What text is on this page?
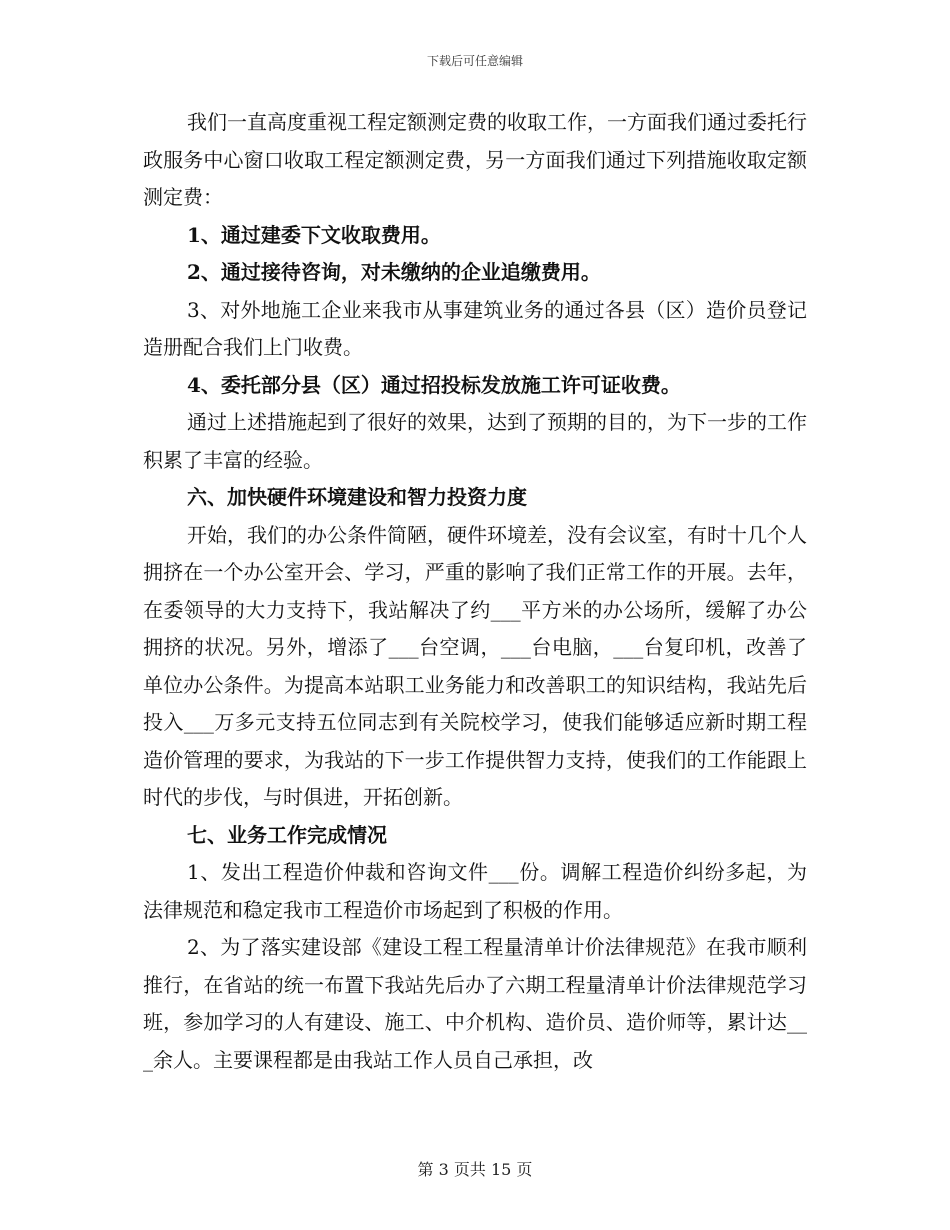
下载后可任意编辑

我们一直高度重视工程定额测定费的收取工作，一方面我们通过委托行政服务中心窗口收取工程定额测定费，另一方面我们通过下列措施收取定额测定费：

1、通过建委下文收取费用。

2、通过接待咨询，对未缴纳的企业追缴费用。

3、对外地施工企业来我市从事建筑业务的通过各县（区）造价员登记造册配合我们上门收费。

4、委托部分县（区）通过招投标发放施工许可证收费。

通过上述措施起到了很好的效果，达到了预期的目的，为下一步的工作积累了丰富的经验。

六、加快硬件环境建设和智力投资力度

开始，我们的办公条件简陋，硬件环境差，没有会议室，有时十几个人拥挤在一个办公室开会、学习，严重的影响了我们正常工作的开展。去年，在委领导的大力支持下，我站解决了约___平方米的办公场所，缓解了办公拥挤的状况。另外，增添了___台空调，___台电脑，___台复印机，改善了单位办公条件。为提高本站职工业务能力和改善职工的知识结构，我站先后投入___万多元支持五位同志到有关院校学习，使我们能够适应新时期工程造价管理的要求，为我站的下一步工作提供智力支持，使我们的工作能跟上时代的步伐，与时俱进，开拓创新。

七、业务工作完成情况

1、发出工程造价仲裁和咨询文件___份。调解工程造价纠纷多起，为法律规范和稳定我市工程造价市场起到了积极的作用。

2、为了落实建设部《建设工程工程量清单计价法律规范》在我市顺利推行，在省站的统一布置下我站先后办了六期工程量清单计价法律规范学习班，参加学习的人有建设、施工、中介机构、造价员、造价师等，累计达___余人。主要课程都是由我站工作人员自己承担，改

第 3 页共 15 页
